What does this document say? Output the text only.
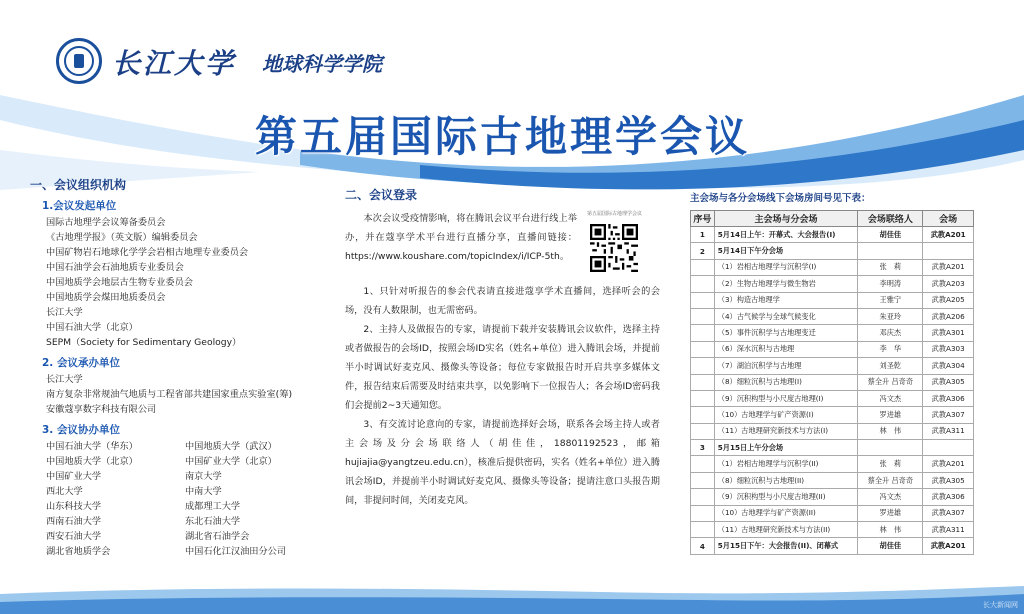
长江大学 地球科学学院
第五届国际古地理学会议

一、会议组织机构

1.会议发起单位

国际古地理学会议筹备委员会
《古地理学报》（英文版）编辑委员会
中国矿物岩石地球化学学会岩相古地理专业委员会
中国石油学会石油地质专业委员会
中国地质学会地层古生物专业委员会
中国地质学会煤田地质委员会
长江大学
中国石油大学（北京）
SEPM（Society for Sedimentary Geology）

2. 会议承办单位

长江大学
南方复杂非常规油气地质与工程省部共建国家重点实验室(筹)
安徽蔻享数字科技有限公司

3. 会议协办单位

中国石油大学（华东）	中国地质大学（武汉）
中国地质大学（北京）	中国矿业大学（北京）
中国矿业大学	南京大学
西北大学	中南大学
山东科技大学	成都理工大学
西南石油大学	东北石油大学
西安石油大学	湖北省石油学会
湖北省地质学会	中国石化江汉油田分公司

二、会议登录

本次会议受疫情影响，将在腾讯会议平台进行线上举办，并在蔻享学术平台进行直播分享，直播间链接：https://www.koushare.com/topicIndex/i/ICP-5th。

1、只针对听报告的参会代表请直接进蔻享学术直播间，选择听会的会场，没有人数限制，也无需密码。

2、主持人及做报告的专家，请提前下载并安装腾讯会议软件，选择主持或者做报告的会场ID，按照会场ID实名（姓名+单位）进入腾讯会场，并提前半小时调试好麦克风、摄像头等设备；每位专家做报告时开启共享多媒体文件，报告结束后需要及时结束共享，以免影响下一位报告人；各会场ID密码我们会提前2~3天通知您。

3、有交流讨论意向的专家，请提前选择好会场，联系各会场主持人或者主会场及分会场联络人（胡佳佳，18801192523，邮箱hujiajia@yangtzeu.edu.cn），核准后提供密码，实名（姓名+单位）进入腾讯会场ID，并提前半小时调试好麦克风、摄像头等设备；提请注意口头报告期间，非提问时间，关闭麦克风。

第五届国际古地理学会议

主会场与各分会场线下会场房间号见下表：

序号	主会场与分会场	会场联络人	会场
1	5月14日上午：开幕式、大会报告(I)	胡佳佳	武教A201
2	5月14日下午分会场		
	（1）岩相古地理学与沉积学(I)	张　莉	武教A201
	（2）生物古地理学与微生物岩	李明涛	武教A203
	（3）构造古地理学	王雅宁	武教A205
	（4）古气候学与全球气候变化	朱亚玲	武教A206
	（5）事件沉积学与古地理变迁	邓庆杰	武教A301
	（6）深水沉积与古地理	李　华	武教A303
	（7）湖泊沉积学与古地理	刘圣乾	武教A304
	（8）细粒沉积与古地理(I)	蔡全升 吕奇奇	武教A305
	（9）沉积构型与小尺度古地理(I)	冯文杰	武教A306
	（10）古地理学与矿产资源(I)	罗进雄	武教A307
	（11）古地理研究新技术与方法(I)	林　伟	武教A311
3	5月15日上午分会场		
	（1）岩相古地理学与沉积学(II)	张　莉	武教A201
	（8）细粒沉积与古地理(II)	蔡全升 吕奇奇	武教A305
	（9）沉积构型与小尺度古地理(II)	冯文杰	武教A306
	（10）古地理学与矿产资源(II)	罗进雄	武教A307
	（11）古地理研究新技术与方法(II)	林　伟	武教A311
4	5月15日下午：大会报告(II)、闭幕式	胡佳佳	武教A201
长大新闻网
